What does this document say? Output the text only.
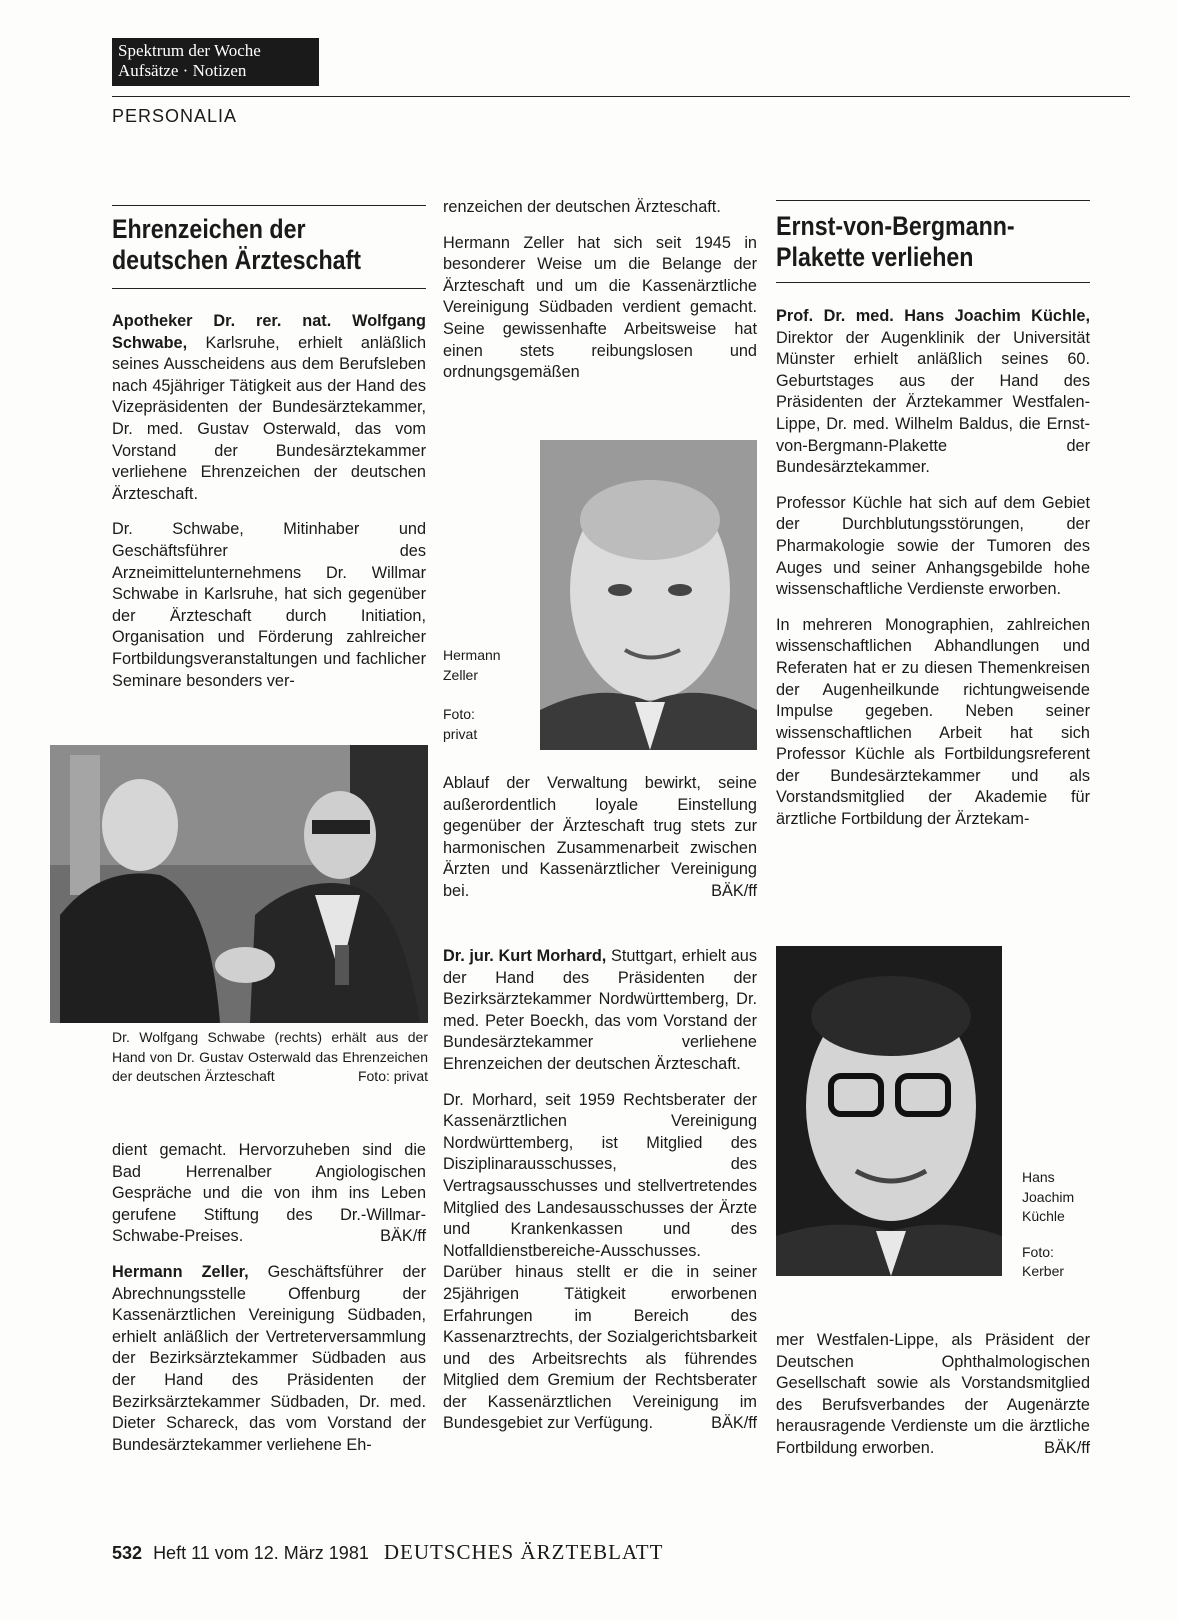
Spektrum der Woche
Aufsätze · Notizen
PERSONALIA
Ehrenzeichen der
deutschen Ärzteschaft

Apotheker Dr. rer. nat. Wolfgang Schwabe, Karlsruhe, erhielt anläßlich seines Ausscheidens aus dem Berufsleben nach 45jähriger Tätigkeit aus der Hand des Vizepräsidenten der Bundesärztekammer, Dr. med. Gustav Osterwald, das vom Vorstand der Bundesärztekammer verliehene Ehrenzeichen der deutschen Ärzteschaft.

Dr. Schwabe, Mitinhaber und Geschäftsführer des Arzneimittelunternehmens Dr. Willmar Schwabe in Karlsruhe, hat sich gegenüber der Ärzteschaft durch Initiation, Organisation und Förderung zahlreicher Fortbildungsveranstaltungen und fachlicher Seminare besonders ver-

Dr. Wolfgang Schwabe (rechts) erhält aus der Hand von Dr. Gustav Osterwald das Ehrenzeichen der deutschen Ärzteschaft	Foto: privat

dient gemacht. Hervorzuheben sind die Bad Herrenalber Angiologischen Gespräche und die von ihm ins Leben gerufene Stiftung des Dr.-Willmar-Schwabe-Preises.	BÄK/ff

Hermann Zeller, Geschäftsführer der Abrechnungsstelle Offenburg der Kassenärztlichen Vereinigung Südbaden, erhielt anläßlich der Vertreterversammlung der Bezirksärztekammer Südbaden aus der Hand des Präsidenten der Bezirksärztekammer Südbaden, Dr. med. Dieter Schareck, das vom Vorstand der Bundesärztekammer verliehene Eh-

renzeichen der deutschen Ärzteschaft.

Hermann Zeller hat sich seit 1945 in besonderer Weise um die Belange der Ärzteschaft und um die Kassenärztliche Vereinigung Südbaden verdient gemacht. Seine gewissenhafte Arbeitsweise hat einen stets reibungslosen und ordnungsgemäßen

Hermann
Zeller
Foto:
privat

Ablauf der Verwaltung bewirkt, seine außerordentlich loyale Einstellung gegenüber der Ärzteschaft trug stets zur harmonischen Zusammenarbeit zwischen Ärzten und Kassenärztlicher Vereinigung bei.	BÄK/ff

Dr. jur. Kurt Morhard, Stuttgart, erhielt aus der Hand des Präsidenten der Bezirksärztekammer Nordwürttemberg, Dr. med. Peter Boeckh, das vom Vorstand der Bundesärztekammer verliehene Ehrenzeichen der deutschen Ärzteschaft.

Dr. Morhard, seit 1959 Rechtsberater der Kassenärztlichen Vereinigung Nordwürttemberg, ist Mitglied des Disziplinarausschusses, des Vertragsausschusses und stellvertretendes Mitglied des Landesausschusses der Ärzte und Krankenkassen und des Notfalldienstbereiche-Ausschusses. Darüber hinaus stellt er die in seiner 25jährigen Tätigkeit erworbenen Erfahrungen im Bereich des Kassenarztrechts, der Sozialgerichtsbarkeit und des Arbeitsrechts als führendes Mitglied dem Gremium der Rechtsberater der Kassenärztlichen Vereinigung im Bundesgebiet zur Verfügung.	BÄK/ff

Ernst-von-Bergmann-
Plakette verliehen

Prof. Dr. med. Hans Joachim Küchle, Direktor der Augenklinik der Universität Münster erhielt anläßlich seines 60. Geburtstages aus der Hand des Präsidenten der Ärztekammer Westfalen-Lippe, Dr. med. Wilhelm Baldus, die Ernst-von-Bergmann-Plakette der Bundesärztekammer.

Professor Küchle hat sich auf dem Gebiet der Durchblutungsstörungen, der Pharmakologie sowie der Tumoren des Auges und seiner Anhangsgebilde hohe wissenschaftliche Verdienste erworben.

In mehreren Monographien, zahlreichen wissenschaftlichen Abhandlungen und Referaten hat er zu diesen Themenkreisen der Augenheilkunde richtungweisende Impulse gegeben. Neben seiner wissenschaftlichen Arbeit hat sich Professor Küchle als Fortbildungsreferent der Bundesärztekammer und als Vorstandsmitglied der Akademie für ärztliche Fortbildung der Ärztekam-

Hans
Joachim
Küchle
Foto:
Kerber

mer Westfalen-Lippe, als Präsident der Deutschen Ophthalmologischen Gesellschaft sowie als Vorstandsmitglied des Berufsverbandes der Augenärzte herausragende Verdienste um die ärztliche Fortbildung erworben.	BÄK/ff

532 Heft 11 vom 12. März 1981 DEUTSCHES ÄRZTEBLATT
